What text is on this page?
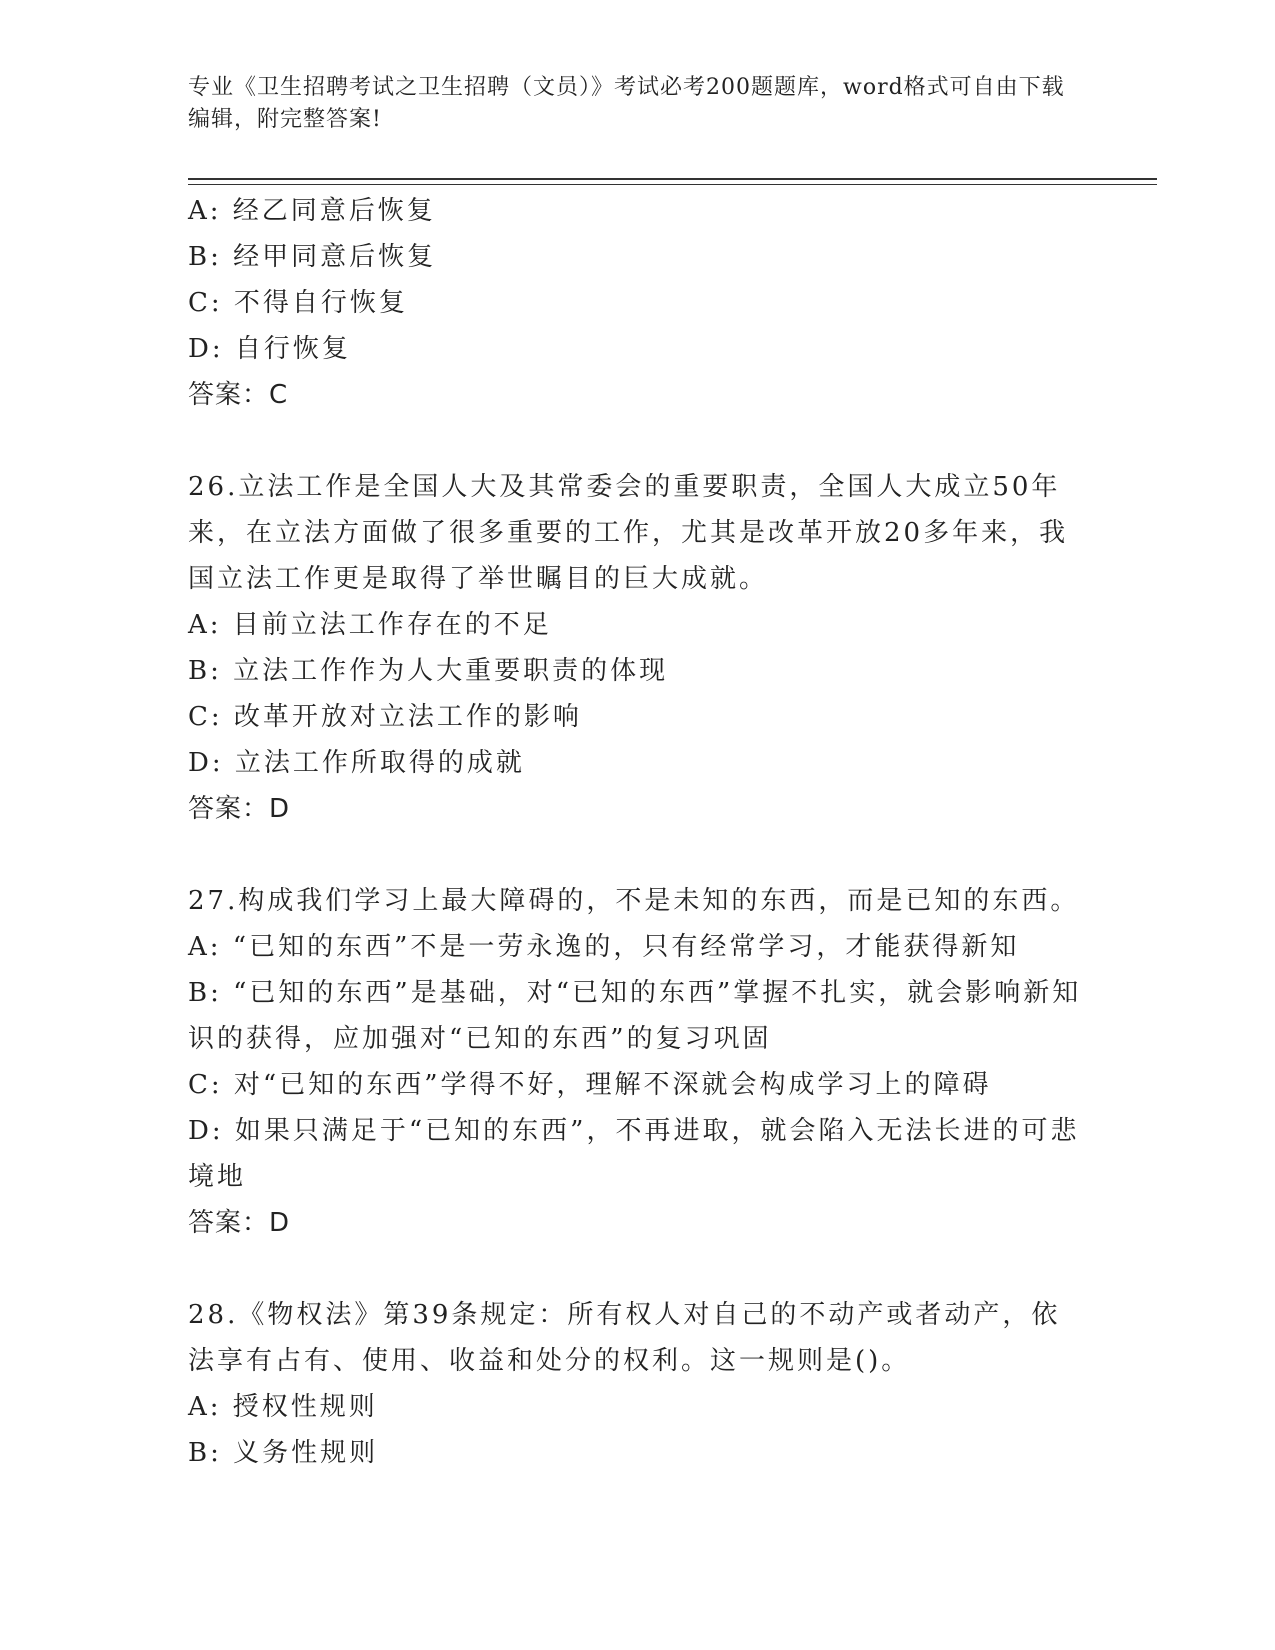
专业《卫生招聘考试之卫生招聘（文员）》考试必考200题题库，word格式可自由下载编辑，附完整答案!
A: 经乙同意后恢复
B: 经甲同意后恢复
C: 不得自行恢复
D: 自行恢复
答案：C
26.立法工作是全国人大及其常委会的重要职责，全国人大成立50年来，在立法方面做了很多重要的工作，尤其是改革开放20多年来，我国立法工作更是取得了举世瞩目的巨大成就。
A: 目前立法工作存在的不足
B: 立法工作作为人大重要职责的体现
C: 改革开放对立法工作的影响
D: 立法工作所取得的成就
答案：D
27.构成我们学习上最大障碍的，不是未知的东西，而是已知的东西。
A: “已知的东西”不是一劳永逸的，只有经常学习，才能获得新知
B: “已知的东西”是基础，对“已知的东西”掌握不扎实，就会影响新知识的获得，应加强对“已知的东西”的复习巩固
C: 对“已知的东西”学得不好，理解不深就会构成学习上的障碍
D: 如果只满足于“已知的东西”，不再进取，就会陷入无法长进的可悲境地
答案：D
28.《物权法》第39条规定：所有权人对自己的不动产或者动产，依法享有占有、使用、收益和处分的权利。这一规则是()。
A: 授权性规则
B: 义务性规则
